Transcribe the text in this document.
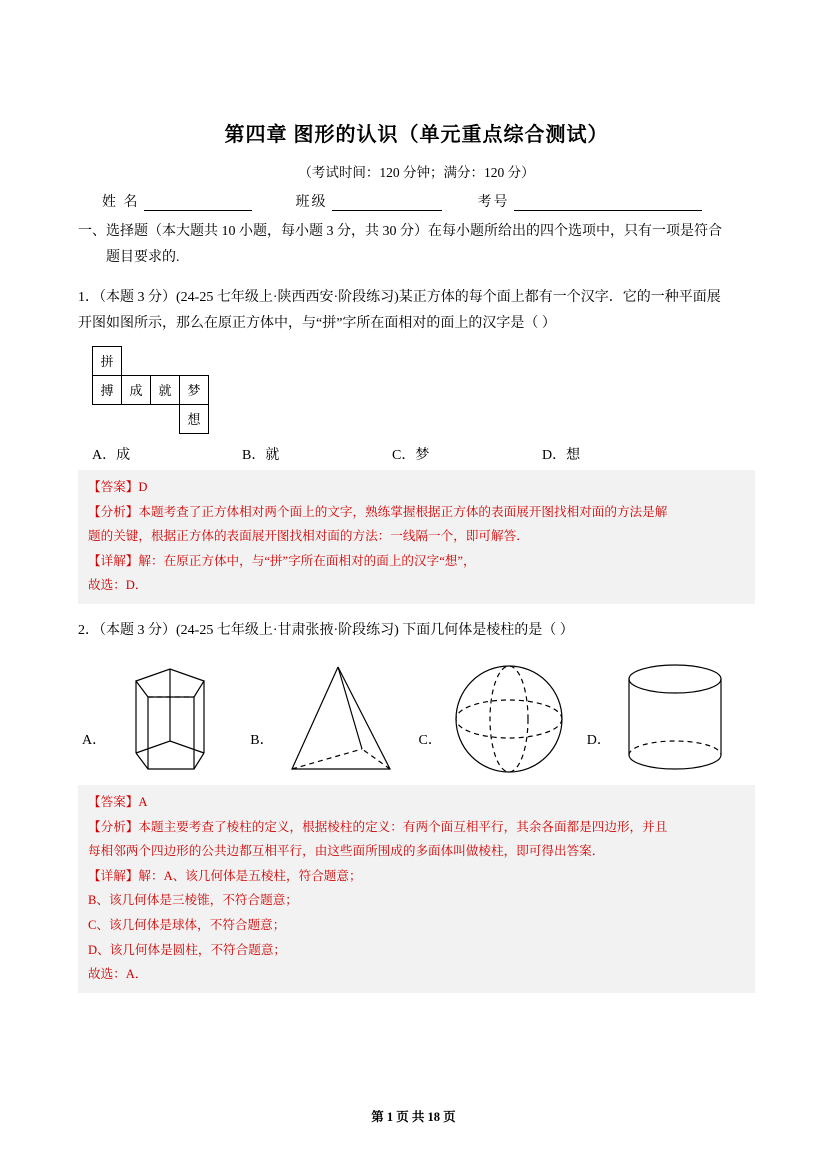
第四章 图形的认识（单元重点综合测试）
（考试时间：120 分钟；满分：120 分）
姓 名	班级	考号
一、选择题（本大题共 10 小题，每小题 3 分，共 30 分）在每小题所给出的四个选项中，只有一项是符合
题目要求的.
1．（本题 3 分）(24-25 七年级上·陕西西安·阶段练习)某正方体的每个面上都有一个汉字．它的一种平面展
开图如图所示，那么在原正方体中，与“拼”字所在面相对的面上的汉字是（ ）
拼			
搏	成	就	梦
			想
A．成	B．就	C．梦	D．想

【答案】D

【分析】本题考查了正方体相对两个面上的文字，熟练掌握根据正方体的表面展开图找相对面的方法是解

题的关键，根据正方体的表面展开图找相对面的方法：一线隔一个，即可解答．

【详解】解：在原正方体中，与“拼”字所在面相对的面上的汉字“想”，

故选：D．

2．（本题 3 分）(24-25 七年级上·甘肃张掖·阶段练习) 下面几何体是棱柱的是（ ）
A．	B．	C．	D．

【答案】A

【分析】本题主要考查了棱柱的定义，根据棱柱的定义：有两个面互相平行，其余各面都是四边形，并且

每相邻两个四边形的公共边都互相平行，由这些面所围成的多面体叫做棱柱，即可得出答案．

【详解】解：A、该几何体是五棱柱，符合题意；

B、该几何体是三棱锥，不符合题意；

C、该几何体是球体，不符合题意；

D、该几何体是圆柱，不符合题意；

故选：A．

第 1 页 共 18 页
